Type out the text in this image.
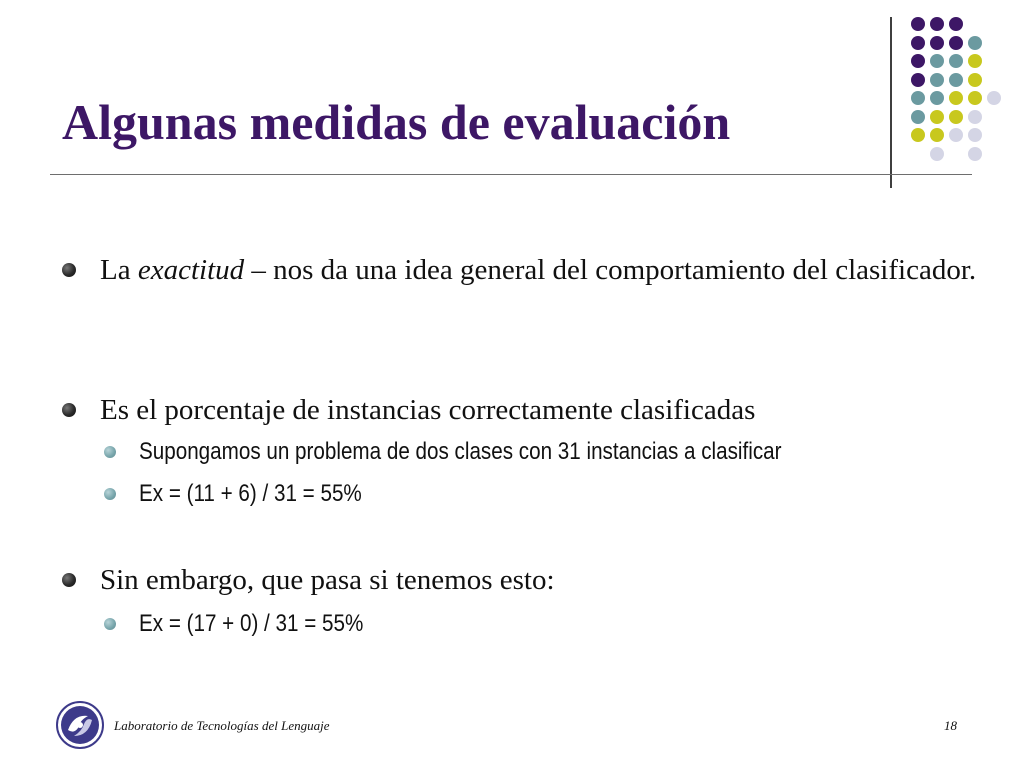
Algunas medidas de evaluación
La exactitud – nos da una idea general del comportamiento del clasificador.
Es el porcentaje de instancias correctamente clasificadas
Supongamos un problema de dos clases con 31 instancias a clasificar
Ex = (11 + 6) / 31 = 55%
Sin embargo, que pasa si tenemos esto:
Ex = (17 + 0) / 31 = 55%
Laboratorio de Tecnologías del Lenguaje	18
